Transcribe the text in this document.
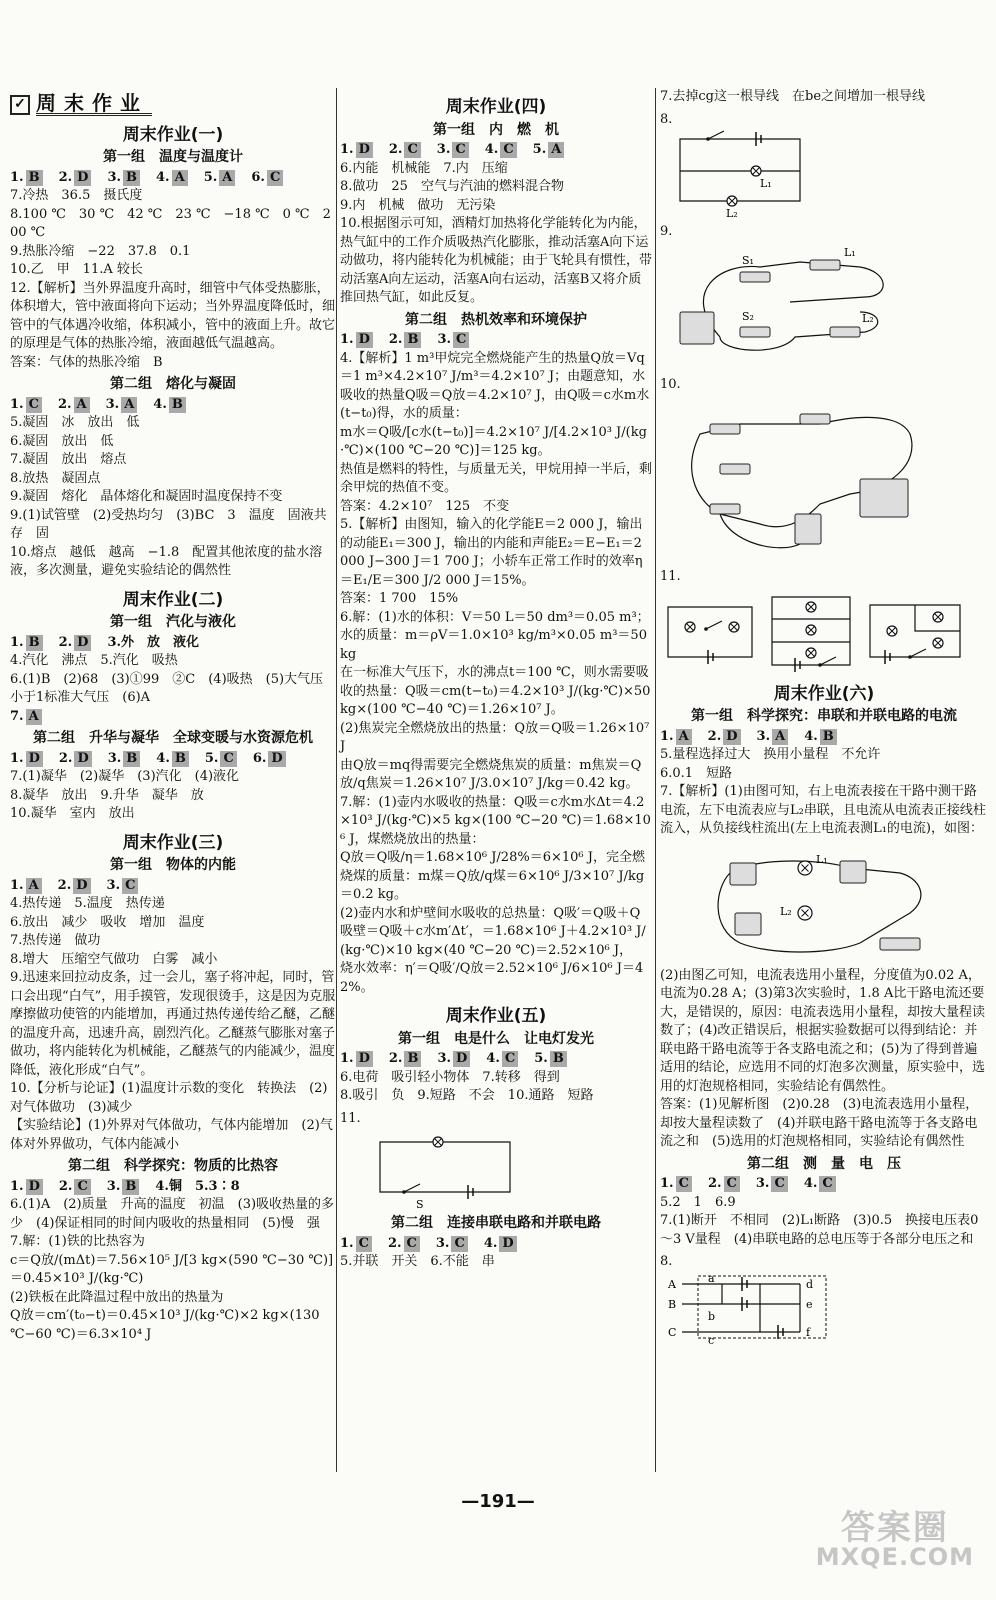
✓ 周末作业
周末作业(一)
第一组　温度与温度计
1. B 2. D 3. B 4. A 5. A 6. C
7.冷热　36.5　摄氏度
8.100 ℃　30 ℃　42 ℃　23 ℃　−18 ℃　0 ℃　200 ℃
9.热胀冷缩　−22　37.8　0.1
10.乙　甲　11.A 较长
12.【解析】当外界温度升高时，细管中气体受热膨胀，体积增大，管中液面将向下运动；当外界温度降低时，细管中的气体遇冷收缩，体积减小，管中的液面上升。故它的原理是气体的热胀冷缩，液面越低气温越高。
答案：气体的热胀冷缩　B
第二组　熔化与凝固
1. C 2. A 3. A 4. B
5.凝固　冰　放出　低
6.凝固　放出　低
7.凝固　放出　熔点
8.放热　凝固点
9.凝固　熔化　晶体熔化和凝固时温度保持不变
9.(1)试管壁　(2)受热均匀　(3)BC　3　温度　固液共存　固
10.熔点　越低　越高　−1.8　配置其他浓度的盐水溶液，多次测量，避免实验结论的偶然性
周末作业(二)
第一组　汽化与液化
1. B 2. D 3.外　放　液化
4.汽化　沸点　5.汽化　吸热
6.(1)B　(2)68　(3)①99　②C　(4)吸热　(5)大气压小于1标准大气压　(6)A
7. A
第二组　升华与凝华　全球变暖与水资源危机
1. D 2. D 3. B 4. B 5. C 6. D
7.(1)凝华　(2)凝华　(3)汽化　(4)液化
8.凝华　放出　9.升华　凝华　放
10.凝华　室内　放出
周末作业(三)
第一组　物体的内能
1. A 2. D 3. C
4.热传递　5.温度　热传递
6.放出　减少　吸收　增加　温度
7.热传递　做功
8.增大　压缩空气做功　白雾　减小
9.迅速来回拉动皮条，过一会儿，塞子将冲起，同时，管口会出现“白气”，用手摸管，发现很烫手，这是因为克服摩擦做功使管的内能增加，再通过热传递传给乙醚，乙醚的温度升高，迅速升高，剧烈汽化。乙醚蒸气膨胀对塞子做功，将内能转化为机械能，乙醚蒸气的内能减少，温度降低，液化形成“白气”。
10.【分析与论证】(1)温度计示数的变化　转换法　(2)对气体做功　(3)减少
【实验结论】(1)外界对气体做功，气体内能增加　(2)气体对外界做功，气体内能减小
第二组　科学探究：物质的比热容
1. D 2. C 3. B 4.铜　5.3∶8
6.(1)A　(2)质量　升高的温度　初温　(3)吸收热量的多少　(4)保证相同的时间内吸收的热量相同　(5)慢　强
7.解：(1)铁的比热容为
c＝Q放/(mΔt)＝7.56×10⁵ J/[3 kg×(590 ℃−30 ℃)]＝0.45×10³ J/(kg·℃)
(2)铁板在此降温过程中放出的热量为
Q放＝cm′(t₀−t)＝0.45×10³ J/(kg·℃)×2 kg×(130 ℃−60 ℃)＝6.3×10⁴ J
周末作业(四)
第一组　内　燃　机
1. D 2. C 3. C 4. C 5. A
6.内能　机械能　7.内　压缩
8.做功　25　空气与汽油的燃料混合物
9.内　机械　做功　无污染
10.根据图示可知，酒精灯加热将化学能转化为内能，热气缸中的工作介质吸热汽化膨胀，推动活塞A向下运动做功，将内能转化为机械能；由于飞轮具有惯性，带动活塞A向左运动，活塞A向右运动，活塞B又将介质推回热气缸，如此反复。
第二组　热机效率和环境保护
1. D 2. B 3. C
4.【解析】1 m³甲烷完全燃烧能产生的热量Q放＝Vq＝1 m³×4.2×10⁷ J/m³＝4.2×10⁷ J；由题意知，水吸收的热量Q吸＝Q放＝4.2×10⁷ J，由Q吸＝c水m水(t−t₀)得，水的质量：
m水＝Q吸/[c水(t−t₀)]＝4.2×10⁷ J/[4.2×10³ J/(kg·℃)×(100 ℃−20 ℃)]＝125 kg。
热值是燃料的特性，与质量无关，甲烷用掉一半后，剩余甲烷的热值不变。
答案：4.2×10⁷　125　不变
5.【解析】由图知，输入的化学能E＝2 000 J，输出的动能E₁＝300 J，输出的内能和声能E₂＝E−E₁＝2 000 J−300 J＝1 700 J；小轿车正常工作时的效率η＝E₁/E＝300 J/2 000 J＝15%。
答案：1 700　15%
6.解：(1)水的体积：V＝50 L＝50 dm³＝0.05 m³；水的质量：m＝ρV＝1.0×10³ kg/m³×0.05 m³＝50 kg
在一标准大气压下，水的沸点t＝100 ℃，则水需要吸收的热量：Q吸＝cm(t−t₀)＝4.2×10³ J/(kg·℃)×50 kg×(100 ℃−40 ℃)＝1.26×10⁷ J。
(2)焦炭完全燃烧放出的热量：Q放＝Q吸＝1.26×10⁷ J
由Q放＝mq得需要完全燃烧焦炭的质量：m焦炭＝Q放/q焦炭＝1.26×10⁷ J/3.0×10⁷ J/kg＝0.42 kg。
7.解：(1)壶内水吸收的热量：Q吸＝c水m水Δt＝4.2×10³ J/(kg·℃)×5 kg×(100 ℃−20 ℃)＝1.68×10⁶ J，煤燃烧放出的热量：
Q放＝Q吸/η＝1.68×10⁶ J/28%＝6×10⁶ J，完全燃烧煤的质量：m煤＝Q放/q煤＝6×10⁶ J/3×10⁷ J/kg＝0.2 kg。
(2)壶内水和炉壁间水吸收的总热量：Q吸′＝Q吸＋Q吸壁＝Q吸＋c水m′Δt′，＝1.68×10⁶ J＋4.2×10³ J/(kg·℃)×10 kg×(40 ℃−20 ℃)＝2.52×10⁶ J，
烧水效率：η′＝Q吸′/Q放＝2.52×10⁶ J/6×10⁶ J＝42%。
周末作业(五)
第一组　电是什么　让电灯发光
1. D 2. B 3. D 4. C 5. B
6.电荷　吸引轻小物体　7.转移　得到
8.吸引　负　9.短路　不会　10.通路　短路
11.
S
第二组　连接串联电路和并联电路
1. C 2. C 3. C 4. D
5.并联　开关　6.不能　串
7.去掉cg这一根导线　在be之间增加一根导线
8.
L₁
L₂
9.
S₁
L₁
S₂	L₂
10.
11.
周末作业(六)
第一组　科学探究：串联和并联电路的电流
1. A 2. D 3. A 4. B
5.量程选择过大　换用小量程　不允许
6.0.1　短路
7.【解析】(1)由图可知，右上电流表接在干路中测干路电流，左下电流表应与L₂串联，且电流从电流表正接线柱流入，从负接线柱流出(左上电流表测L₁的电流)，如图：
L₁
L₂
(2)由图乙可知，电流表选用小量程，分度值为0.02 A，电流为0.28 A；(3)第3次实验时，1.8 A比干路电流还要大，是错误的，原因：电流表选用小量程，却按大量程读数了；(4)改正错误后，根据实验数据可以得到结论：并联电路干路电流等于各支路电流之和；(5)为了得到普遍适用的结论，应选用不同的灯泡多次测量，原实验中，选用的灯泡规格相同，实验结论有偶然性。
答案：(1)见解析图　(2)0.28　(3)电流表选用小量程，却按大量程读数了　(4)并联电路干路电流等于各支路电流之和　(5)选用的灯泡规格相同，实验结论有偶然性
第二组　测　量　电　压
1. C 2. C 3. C 4. C
5.2　1　6.9
7.(1)断开　不相同　(2)L₁断路　(3)0.5　换接电压表0～3 V量程　(4)串联电路的总电压等于各部分电压之和
8.
A
B
C
a
b
c
d
e
f
—191—
答案圈
MXQE.COM
